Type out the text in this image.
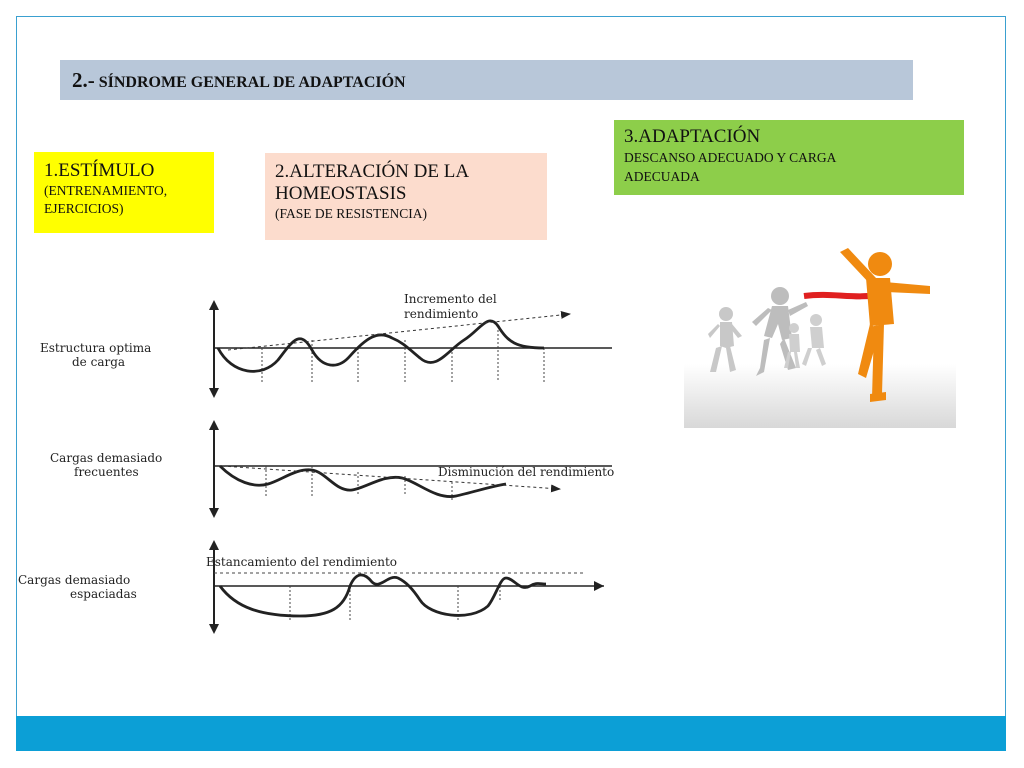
2.- SÍNDROME GENERAL DE ADAPTACIÓN
1.ESTÍMULO
(ENTRENAMIENTO, EJERCICIOS)
2.ALTERACIÓN DE LA HOMEOSTASIS
(FASE DE RESISTENCIA)
3.ADAPTACIÓN
DESCANSO ADECUADO Y CARGA ADECUADA
Estructura optima
de carga
Incremento del
rendimiento
Cargas demasiado
frecuentes	Disminución del rendimiento
Estancamiento del rendimiento
Cargas demasiado
espaciadas
